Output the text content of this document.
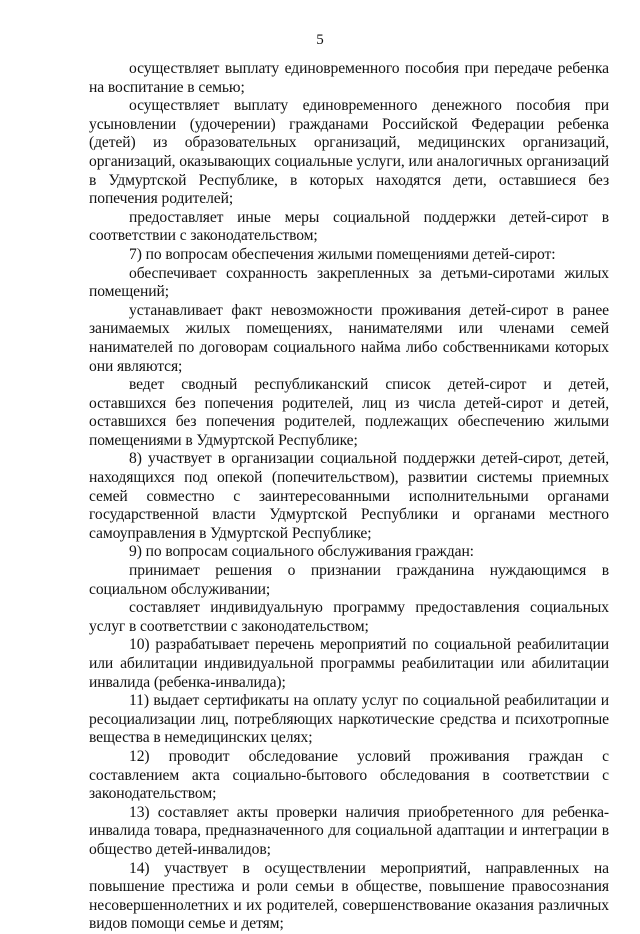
5

осуществляет выплату единовременного пособия при передаче ребенка на воспитание в семью;

осуществляет выплату единовременного денежного пособия при усыновлении (удочерении) гражданами Российской Федерации ребенка (детей) из образовательных организаций, медицинских организаций, организаций, оказывающих социальные услуги, или аналогичных организаций в Удмуртской Республике, в которых находятся дети, оставшиеся без попечения родителей;

предоставляет иные меры социальной поддержки детей-сирот в соответствии с законодательством;

7) по вопросам обеспечения жилыми помещениями детей-сирот:

обеспечивает сохранность закрепленных за детьми-сиротами жилых помещений;

устанавливает факт невозможности проживания детей-сирот в ранее занимаемых жилых помещениях, нанимателями или членами семей нанимателей по договорам социального найма либо собственниками которых они являются;

ведет сводный республиканский список детей-сирот и детей, оставшихся без попечения родителей, лиц из числа детей-сирот и детей, оставшихся без попечения родителей, подлежащих обеспечению жилыми помещениями в Удмуртской Республике;

8) участвует в организации социальной поддержки детей-сирот, детей, находящихся под опекой (попечительством), развитии системы приемных семей совместно с заинтересованными исполнительными органами государственной власти Удмуртской Республики и органами местного самоуправления в Удмуртской Республике;

9) по вопросам социального обслуживания граждан:

принимает решения о признании гражданина нуждающимся в социальном обслуживании;

составляет индивидуальную программу предоставления социальных услуг в соответствии с законодательством;

10) разрабатывает перечень мероприятий по социальной реабилитации или абилитации индивидуальной программы реабилитации или абилитации инвалида (ребенка-инвалида);

11) выдает сертификаты на оплату услуг по социальной реабилитации и ресоциализации лиц, потребляющих наркотические средства и психотропные вещества в немедицинских целях;

12) проводит обследование условий проживания граждан с составлением акта социально-бытового обследования в соответствии с законодательством;

13) составляет акты проверки наличия приобретенного для ребенка-инвалида товара, предназначенного для социальной адаптации и интеграции в общество детей-инвалидов;

14) участвует в осуществлении мероприятий, направленных на повышение престижа и роли семьи в обществе, повышение правосознания несовершеннолетних и их родителей, совершенствование оказания различных видов помощи семье и детям;
